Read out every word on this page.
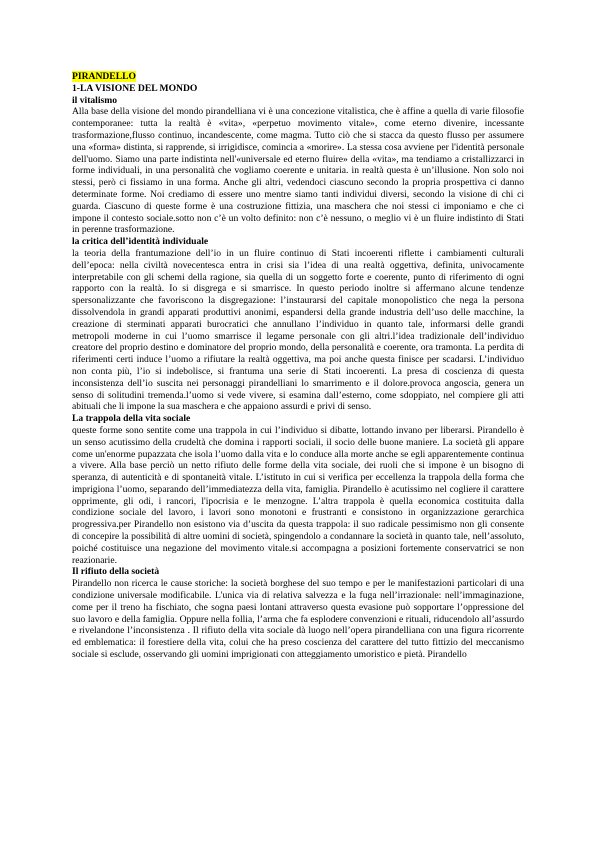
PIRANDELLO

1-LA VISIONE DEL MONDO

il vitalismo

Alla base della visione del mondo pirandelliana vi è una concezione vitalistica, che è affine a quella di varie filosofie contemporanee: tutta la realtà è «vita», «perpetuo movimento vitale», come eterno divenire, incessante trasformazione,flusso continuo, incandescente, come magma. Tutto ciò che si stacca da questo flusso per assumere una «forma» distinta, si rapprende, si irrigidisce, comincia a «morire». La stessa cosa avviene per l'identità personale dell'uomo. Siamo una parte indistinta nell'«universale ed eterno fluire» della «vita», ma tendiamo a cristallizzarci in forme individuali, in una personalità che vogliamo coerente e unitaria. in realtà questa è un’illusione. Non solo noi stessi, però ci fissiamo in una forma. Anche gli altri, vedendoci ciascuno secondo la propria prospettiva ci danno determinate forme. Noi crediamo di essere uno mentre siamo tanti individui diversi, secondo la visione di chi ci guarda. Ciascuno di queste forme è una costruzione fittizia, una maschera che noi stessi ci imponiamo e che ci impone il contesto sociale.sotto non c’è un volto definito: non c’è nessuno, o meglio vi è un fluire indistinto di Stati in perenne trasformazione.

la critica dell’identità individuale

la teoria della frantumazione dell’io in un fluire continuo di Stati incoerenti riflette i cambiamenti culturali dell’epoca: nella civiltà novecentesca entra in crisi sia l’idea di una realtà oggettiva, definita, univocamente interpretabile con gli schemi della ragione, sia quella di un soggetto forte e coerente, punto di riferimento di ogni rapporto con la realtà. Io si disgrega e si smarrisce. In questo periodo inoltre si affermano alcune tendenze spersonalizzante che favoriscono la disgregazione: l’instaurarsi del capitale monopolistico che nega la persona dissolvendola in grandi apparati produttivi anonimi, espandersi della grande industria dell’uso delle macchine, la creazione di sterminati apparati burocratici che annullano l’individuo in quanto tale, informarsi delle grandi metropoli moderne in cui l’uomo smarrisce il legame personale con gli altri.l’idea tradizionale dell’individuo creatore del proprio destino e dominatore del proprio mondo, della personalità e coerente, ora tramonta. La perdita di riferimenti certi induce l’uomo a rifiutare la realtà oggettiva, ma poi anche questa finisce per scadarsi. L’individuo non conta più, l’io si indebolisce, si frantuma una serie di Stati incoerenti. La presa di coscienza di questa inconsistenza dell’io suscita nei personaggi pirandelliani lo smarrimento e il dolore.provoca angoscia, genera un senso di solitudini tremenda.l’uomo si vede vivere, si esamina dall’esterno, come sdoppiato, nel compiere gli atti abituali che li impone la sua maschera e che appaiono assurdi e privi di senso.

La trappola della vita sociale

queste forme sono sentite come una trappola in cui l’individuo si dibatte, lottando invano per liberarsi. Pirandello è un senso acutissimo della crudeltà che domina i rapporti sociali, il socio delle buone maniere. La società gli appare come un'enorme pupazzata che isola l’uomo dalla vita e lo conduce alla morte anche se egli apparentemente continua a vivere. Alla base perciò un netto rifiuto delle forme della vita sociale, dei ruoli che si impone è un bisogno di speranza, di autenticità e di spontaneità vitale. L’istituto in cui si verifica per eccellenza la trappola della forma che imprigiona l’uomo, separando dell’immediatezza della vita, famiglia. Pirandello è acutissimo nel cogliere il carattere opprimente, gli odi, i rancori, l'ipocrisia e le menzogne. L’altra trappola è quella economica costituita dalla condizione sociale del lavoro, i lavori sono monotoni e frustranti e consistono in organizzazione gerarchica progressiva.per Pirandello non esistono via d’uscita da questa trappola: il suo radicale pessimismo non gli consente di concepire la possibilità di altre uomini di società, spingendolo a condannare la società in quanto tale, nell’assoluto, poiché costituisce una negazione del movimento vitale.si accompagna a posizioni fortemente conservatrici se non reazionarie.

Il rifiuto della società

Pirandello non ricerca le cause storiche: la società borghese del suo tempo e per le manifestazioni particolari di una condizione universale modificabile. L'unica via di relativa salvezza e la fuga nell’irrazionale: nell’immaginazione, come per il treno ha fischiato, che sogna paesi lontani attraverso questa evasione può sopportare l’oppressione del suo lavoro e della famiglia. Oppure nella follia, l’arma che fa esplodere convenzioni e rituali, riducendolo all’assurdo e rivelandone l’inconsistenza . Il rifiuto della vita sociale dà luogo nell’opera pirandelliana con una figura ricorrente ed emblematica: il forestiere della vita, colui che ha preso coscienza del carattere del tutto fittizio del meccanismo sociale si esclude, osservando gli uomini imprigionati con atteggiamento umoristico e pietà. Pirandello
